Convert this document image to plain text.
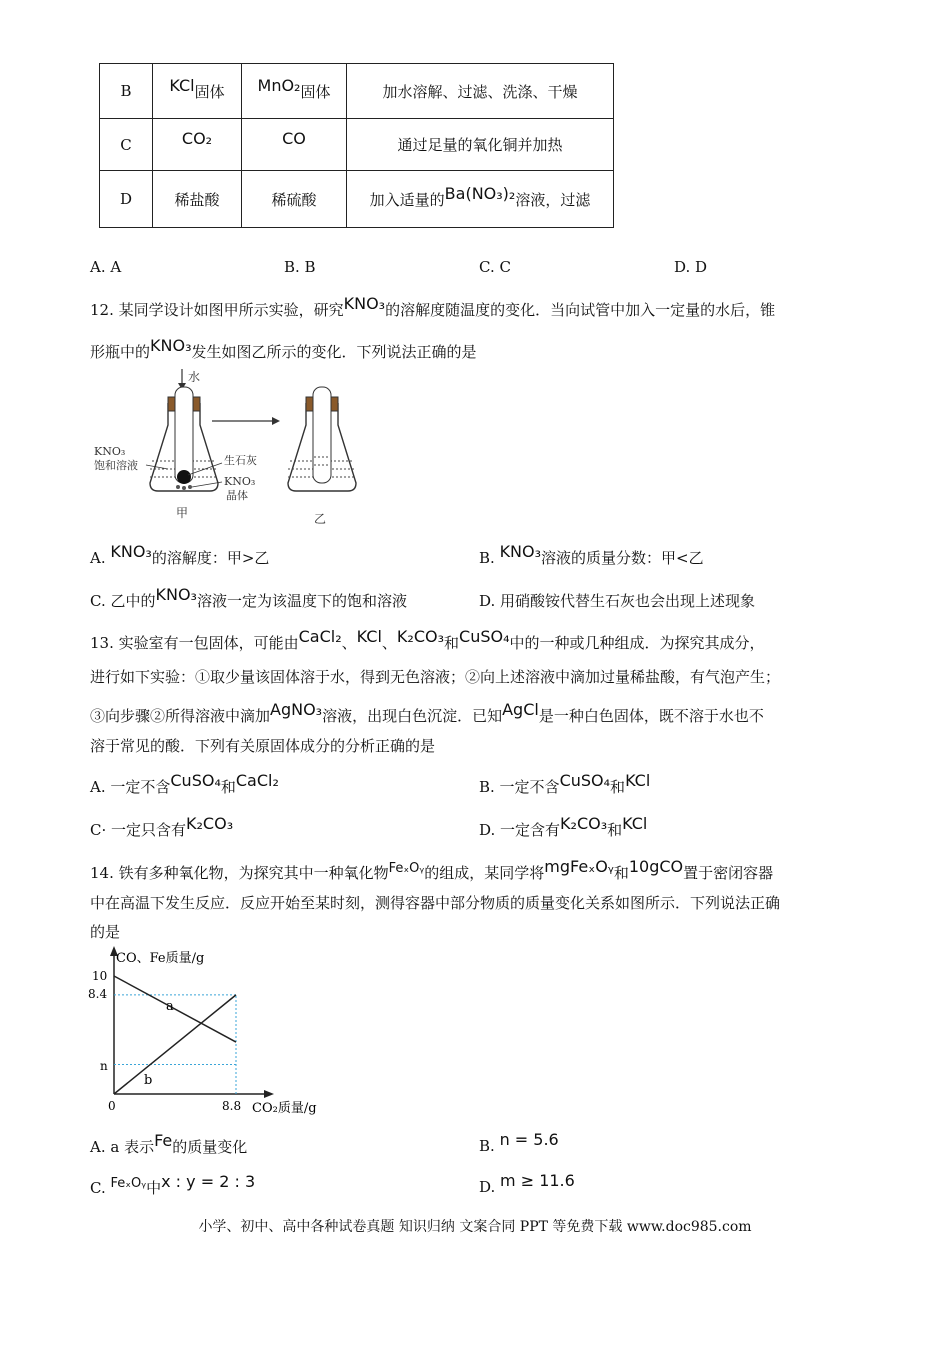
B	KCl固体	MnO₂固体	加水溶解、过滤、洗涤、干燥
C	CO₂	CO	通过足量的氧化铜并加热
D	稀盐酸	稀硫酸	加入适量的Ba(NO₃)₂溶液，过滤
A. A	B. B	C. C	D. D
12. 某同学设计如图甲所示实验，研究KNO₃的溶解度随温度的变化．当向试管中加入一定量的水后，锥
形瓶中的KNO₃发生如图乙所示的变化．下列说法正确的是
水
KNO₃
饱和溶液	生石灰
KNO₃
晶体
甲	乙
A. KNO₃的溶解度：甲>乙	B. KNO₃溶液的质量分数：甲<乙
C. 乙中的KNO₃溶液一定为该温度下的饱和溶液	D. 用硝酸铵代替生石灰也会出现上述现象
13. 实验室有一包固体，可能由CaCl₂、KCl、K₂CO₃和CuSO₄中的一种或几种组成．为探究其成分，
进行如下实验：①取少量该固体溶于水，得到无色溶液；②向上述溶液中滴加过量稀盐酸，有气泡产生；
③向步骤②所得溶液中滴加AgNO₃溶液，出现白色沉淀．已知AgCl是一种白色固体，既不溶于水也不
溶于常见的酸．下列有关原固体成分的分析正确的是
A. 一定不含CuSO₄和CaCl₂	B. 一定不含CuSO₄和KCl
C· 一定只含有K₂CO₃	D. 一定含有K₂CO₃和KCl
14. 铁有多种氧化物，为探究其中一种氧化物FeₓOᵧ的组成，某同学将mgFeₓOᵧ和10gCO置于密闭容器
中在高温下发生反应．反应开始至某时刻，测得容器中部分物质的质量变化关系如图所示．下列说法正确
的是
CO、Fe质量/g
CO₂质量/g
0
10
8.4
n
8.8
a
b
A. a 表示Fe的质量变化	B. n = 5.6
C. FeₓOᵧ中x : y = 2 : 3	D. m ≥ 11.6
小学、初中、高中各种试卷真题 知识归纳 文案合同 PPT 等免费下载 www.doc985.com
